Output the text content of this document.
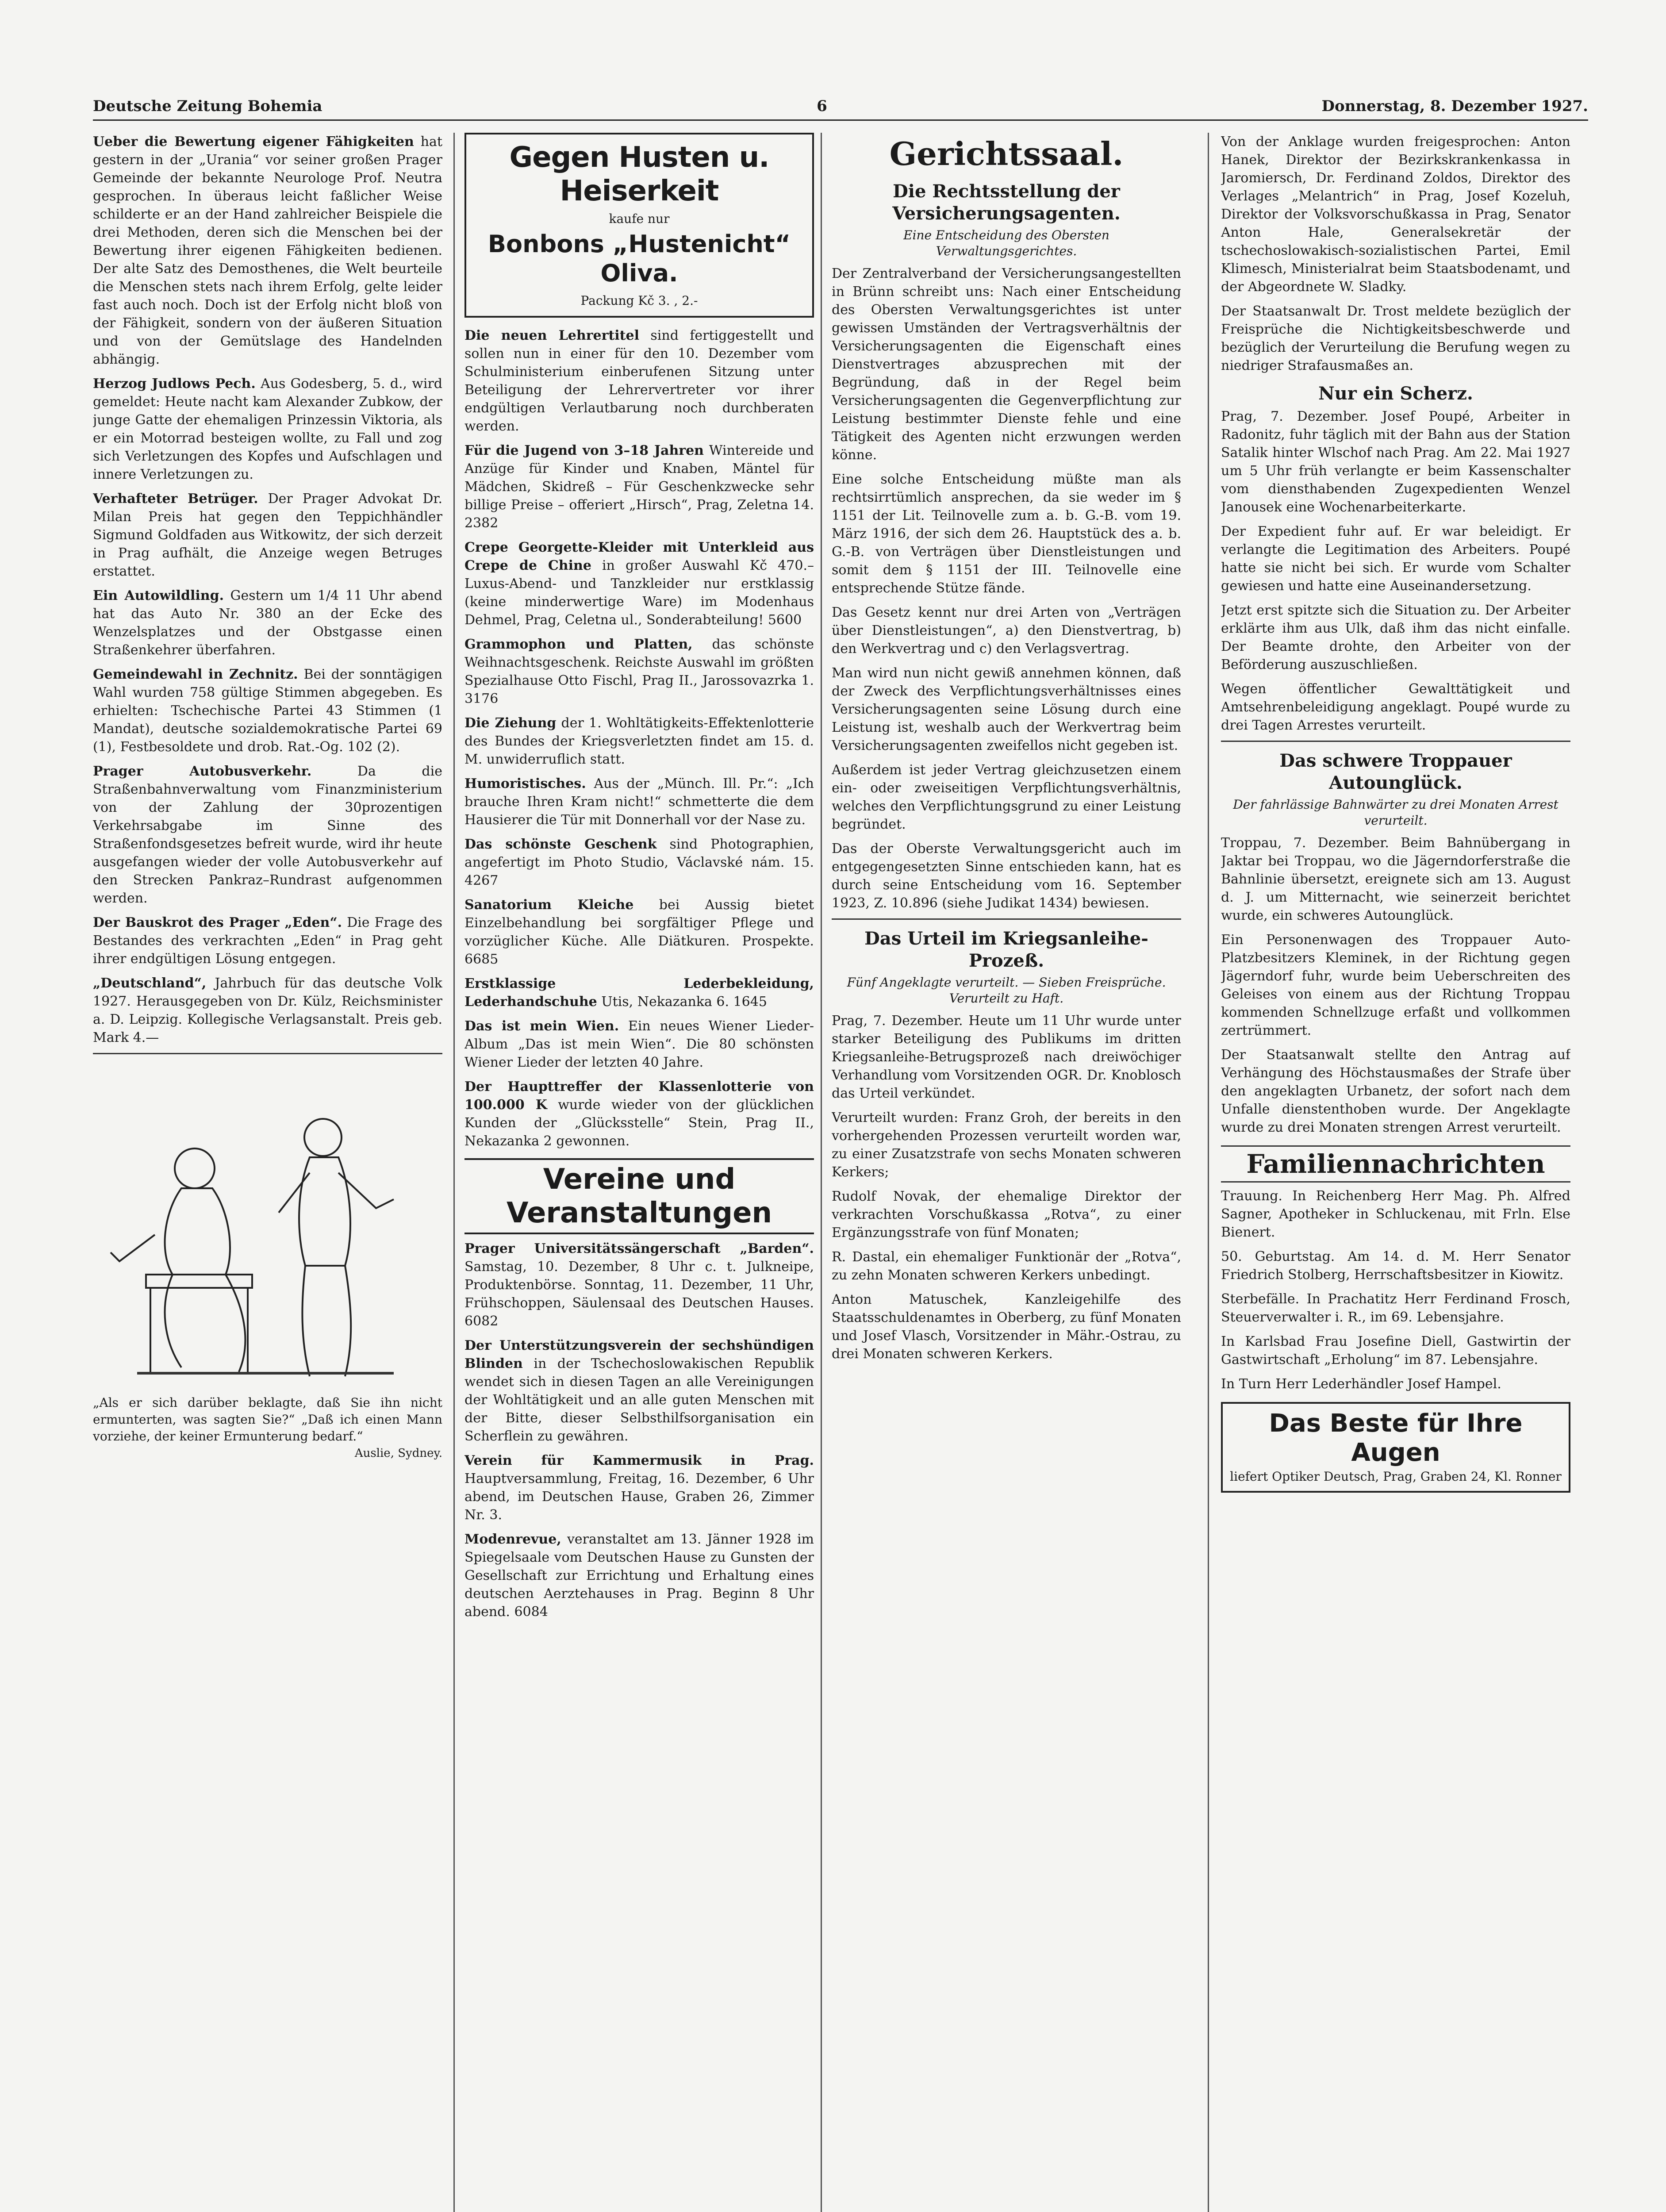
Deutsche Zeitung Bohemia	6	Donnerstag, 8. Dezember 1927.

Ueber die Bewertung eigener Fähigkeiten hat gestern in der „Urania“ vor seiner großen Prager Gemeinde der bekannte Neurologe Prof. Neutra gesprochen. In überaus leicht faßlicher Weise schilderte er an der Hand zahlreicher Beispiele die drei Methoden, deren sich die Menschen bei der Bewertung ihrer eigenen Fähigkeiten bedienen. Der alte Satz des Demosthenes, die Welt beurteile die Menschen stets nach ihrem Erfolg, gelte leider fast auch noch. Doch ist der Erfolg nicht bloß von der Fähigkeit, sondern von der äußeren Situation und von der Gemütslage des Handelnden abhängig.

Herzog Judlows Pech. Aus Godesberg, 5. d., wird gemeldet: Heute nacht kam Alexander Zubkow, der junge Gatte der ehemaligen Prinzessin Viktoria, als er ein Motorrad besteigen wollte, zu Fall und zog sich Verletzungen des Kopfes und Aufschlagen und innere Verletzungen zu.

Verhafteter Betrüger. Der Prager Advokat Dr. Milan Preis hat gegen den Teppichhändler Sigmund Goldfaden aus Witkowitz, der sich derzeit in Prag aufhält, die Anzeige wegen Betruges erstattet.

Ein Autowildling. Gestern um 1/4 11 Uhr abend hat das Auto Nr. 380 an der Ecke des Wenzelsplatzes und der Obstgasse einen Straßenkehrer überfahren.

Gemeindewahl in Zechnitz. Bei der sonntägigen Wahl wurden 758 gültige Stimmen abgegeben. Es erhielten: Tschechische Partei 43 Stimmen (1 Mandat), deutsche sozialdemokratische Partei 69 (1), Festbesoldete und drob. Rat.-Og. 102 (2).

Prager Autobusverkehr.	Da die Straßenbahnverwaltung vom Finanzministerium von der Zahlung der 30prozentigen Verkehrsabgabe im Sinne des Straßenfondsgesetzes befreit wurde, wird ihr heute ausgefangen wieder der volle Autobusverkehr auf den Strecken Pankraz–Rundrast aufgenommen werden.

Der Bauskrot des Prager „Eden“. Die Frage des Bestandes des verkrachten „Eden“ in Prag geht ihrer endgültigen Lösung entgegen.

„Deutschland“, Jahrbuch für das deutsche Volk 1927. Herausgegeben von Dr. Külz, Reichsminister a. D. Leipzig. Kollegische Verlagsanstalt. Preis geb. Mark 4.—

„Als er sich darüber beklagte, daß Sie ihn nicht ermunterten, was sagten Sie?“ „Daß ich einen Mann vorziehe, der keiner Ermunterung bedarf.“
Auslie, Sydney.
Gegen Husten u. Heiserkeit
kaufe nur
Bonbons „Hustenicht“ Oliva.
Packung Kč 3. , 2.-

Die neuen Lehrertitel sind fertiggestellt und sollen nun in einer für den 10. Dezember vom Schulministerium einberufenen Sitzung unter Beteiligung der Lehrervertreter vor ihrer endgültigen Verlautbarung noch durchberaten werden.

Für die Jugend von 3–18 Jahren Wintereide und Anzüge für Kinder und Knaben, Mäntel für Mädchen, Skidreß – Für Geschenkzwecke sehr billige Preise – offeriert „Hirsch“, Prag, Zeletna 14. 2382

Crepe Georgette-Kleider mit Unterkleid aus Crepe de Chine in großer Auswahl Kč 470.– Luxus-Abend- und Tanzkleider nur erstklassig (keine minderwertige Ware) im Modenhaus Dehmel, Prag, Celetna ul., Sonderabteilung! 5600

Grammophon und Platten, das schönste Weihnachtsgeschenk. Reichste Auswahl im größten Spezialhause Otto Fischl, Prag II., Jarossovazrka 1. 3176

Die Ziehung der 1. Wohltätigkeits-Effektenlotterie des Bundes der Kriegsverletzten findet am 15. d. M. unwiderruflich statt.

Humoristisches. Aus der „Münch. Ill. Pr.“: „Ich brauche Ihren Kram nicht!“ schmetterte die dem Hausierer die Tür mit Donnerhall vor der Nase zu.

Das schönste Geschenk sind Photographien, angefertigt im Photo Studio, Václavské nám. 15. 4267

Sanatorium Kleiche bei Aussig bietet Einzelbehandlung bei sorgfältiger Pflege und vorzüglicher Küche. Alle Diätkuren. Prospekte. 6685

Erstklassige Lederbekleidung, Lederhandschuhe Utis, Nekazanka 6. 1645

Das ist mein Wien. Ein neues Wiener Lieder-Album „Das ist mein Wien“. Die 80 schönsten Wiener Lieder der letzten 40 Jahre.

Der Haupttreffer der Klassenlotterie von 100.000 K wurde wieder von der glücklichen Kunden der „Glücksstelle“ Stein, Prag II., Nekazanka 2 gewonnen.

Vereine und Veranstaltungen

Prager Universitätssängerschaft „Barden“. Samstag, 10. Dezember, 8 Uhr c. t. Julkneipe, Produktenbörse. Sonntag, 11. Dezember, 11 Uhr, Frühschoppen, Säulensaal des Deutschen Hauses. 6082

Der Unterstützungsverein der sechshündigen Blinden in der Tschechoslowakischen Republik wendet sich in diesen Tagen an alle Vereinigungen der Wohltätigkeit und an alle guten Menschen mit der Bitte, dieser Selbsthilfsorganisation ein Scherflein zu gewähren.

Verein für Kammermusik in Prag. Hauptversammlung, Freitag, 16. Dezember, 6 Uhr abend, im Deutschen Hause, Graben 26, Zimmer Nr. 3.

Modenrevue, veranstaltet am 13. Jänner 1928 im Spiegelsaale vom Deutschen Hause zu Gunsten der Gesellschaft zur Errichtung und Erhaltung eines deutschen Aerztehauses in Prag. Beginn 8 Uhr abend. 6084

Gerichtssaal.
Die Rechtsstellung der Versicherungsagenten.
Eine Entscheidung des Obersten Verwaltungsgerichtes.

Der Zentralverband der Versicherungsangestellten in Brünn schreibt uns: Nach einer Entscheidung des Obersten Verwaltungsgerichtes ist unter gewissen Umständen der Vertragsverhältnis der Versicherungsagenten die Eigenschaft eines Dienstvertrages abzusprechen mit der Begründung, daß in der Regel beim Versicherungsagenten die Gegenverpflichtung zur Leistung bestimmter Dienste fehle und eine Tätigkeit des Agenten nicht erzwungen werden könne.

Eine solche Entscheidung müßte man als rechtsirrtümlich ansprechen, da sie weder im § 1151 der Lit. Teilnovelle zum a. b. G.-B. vom 19. März 1916, der sich dem 26. Hauptstück des a. b. G.-B. von Verträgen über Dienstleistungen und somit dem § 1151 der III. Teilnovelle eine entsprechende Stütze fände.

Das Gesetz kennt nur drei Arten von „Verträgen über Dienstleistungen“, a) den Dienstvertrag, b) den Werkvertrag und c) den Verlagsvertrag.

Man wird nun nicht gewiß annehmen können, daß der Zweck des Verpflichtungsverhältnisses eines Versicherungsagenten seine Lösung durch eine Leistung ist, weshalb auch der Werkvertrag beim Versicherungsagenten zweifellos nicht gegeben ist.

Außerdem ist jeder Vertrag gleichzusetzen einem ein- oder zweiseitigen Verpflichtungsverhältnis, welches den Verpflichtungsgrund zu einer Leistung begründet.

Das der Oberste Verwaltungsgericht auch im entgegengesetzten Sinne entschieden kann, hat es durch seine Entscheidung vom 16. September 1923, Z. 10.896 (siehe Judikat 1434) bewiesen.

Das Urteil im Kriegsanleihe-Prozeß.
Fünf Angeklagte verurteilt. — Sieben Freisprüche. Verurteilt zu Haft.

Prag, 7. Dezember. Heute um 11 Uhr wurde unter starker Beteiligung des Publikums im dritten Kriegsanleihe-Betrugsprozeß nach dreiwöchiger Verhandlung vom Vorsitzenden OGR. Dr. Knoblosch das Urteil verkündet.

Verurteilt wurden: Franz Groh, der bereits in den vorhergehenden Prozessen verurteilt worden war, zu einer Zusatzstrafe von sechs Monaten schweren Kerkers;

Rudolf Novak, der ehemalige Direktor der verkrachten Vorschußkassa „Rotva“, zu einer Ergänzungsstrafe von fünf Monaten;

R. Dastal, ein ehemaliger Funktionär der „Rotva“, zu zehn Monaten schweren Kerkers unbedingt.

Anton Matuschek, Kanzleigehilfe des Staatsschuldenamtes in Oberberg, zu fünf Monaten und Josef Vlasch, Vorsitzender in Mähr.-Ostrau, zu drei Monaten schweren Kerkers.

Von der Anklage wurden freigesprochen: Anton Hanek, Direktor der Bezirkskrankenkassa in Jaromiersch, Dr. Ferdinand Zoldos, Direktor des Verlages „Melantrich“ in Prag, Josef Kozeluh, Direktor der Volksvorschußkassa in Prag, Senator Anton Hale, Generalsekretär der tschechoslowakisch-sozialistischen Partei, Emil Klimesch, Ministerialrat beim Staatsbodenamt, und der Abgeordnete W. Sladky.

Der Staatsanwalt Dr. Trost meldete bezüglich der Freisprüche die Nichtigkeitsbeschwerde und bezüglich der Verurteilung die Berufung wegen zu niedriger Strafausmaßes an.

Nur ein Scherz.

Prag, 7. Dezember. Josef Poupé, Arbeiter in Radonitz, fuhr täglich mit der Bahn aus der Station Satalik hinter Wlschof nach Prag. Am 22. Mai 1927 um 5 Uhr früh verlangte er beim Kassenschalter vom diensthabenden Zugexpedienten Wenzel Janousek eine Wochenarbeiterkarte.

Der Expedient fuhr auf. Er war beleidigt. Er verlangte die Legitimation des Arbeiters. Poupé hatte sie nicht bei sich. Er wurde vom Schalter gewiesen und hatte eine Auseinandersetzung.

Jetzt erst spitzte sich die Situation zu. Der Arbeiter erklärte ihm aus Ulk, daß ihm das nicht einfalle. Der Beamte drohte, den Arbeiter von der Beförderung auszuschließen.

Wegen öffentlicher Gewalttätigkeit und Amtsehrenbeleidigung angeklagt. Poupé wurde zu drei Tagen Arrestes verurteilt.

Das schwere Troppauer Autounglück.
Der fahrlässige Bahnwärter zu drei Monaten Arrest verurteilt.

Troppau, 7. Dezember. Beim Bahnübergang in Jaktar bei Troppau, wo die Jägerndorferstraße die Bahnlinie übersetzt, ereignete sich am 13. August d. J. um Mitternacht, wie seinerzeit berichtet wurde, ein schweres Autounglück.

Ein Personenwagen des Troppauer Auto-Platzbesitzers Kleminek, in der Richtung gegen Jägerndorf fuhr, wurde beim Ueberschreiten des Geleises von einem aus der Richtung Troppau kommenden Schnellzuge erfaßt und vollkommen zertrümmert.

Der Staatsanwalt stellte den Antrag auf Verhängung des Höchstausmaßes der Strafe über den angeklagten Urbanetz, der sofort nach dem Unfalle dienstenthoben wurde. Der Angeklagte wurde zu drei Monaten strengen Arrest verurteilt.

Familiennachrichten

Trauung. In Reichenberg Herr Mag. Ph. Alfred Sagner, Apotheker in Schluckenau, mit Frln. Else Bienert.

50. Geburtstag. Am 14. d. M. Herr Senator Friedrich Stolberg, Herrschaftsbesitzer in Kiowitz.

Sterbefälle. In Prachatitz Herr Ferdinand Frosch, Steuerverwalter i. R., im 69. Lebensjahre.

In Karlsbad Frau Josefine Diell, Gastwirtin der Gastwirtschaft „Erholung“ im 87. Lebensjahre.

In Turn Herr Lederhändler Josef Hampel.

Das Beste für Ihre Augen
liefert Optiker Deutsch, Prag, Graben 24, Kl. Ronner
